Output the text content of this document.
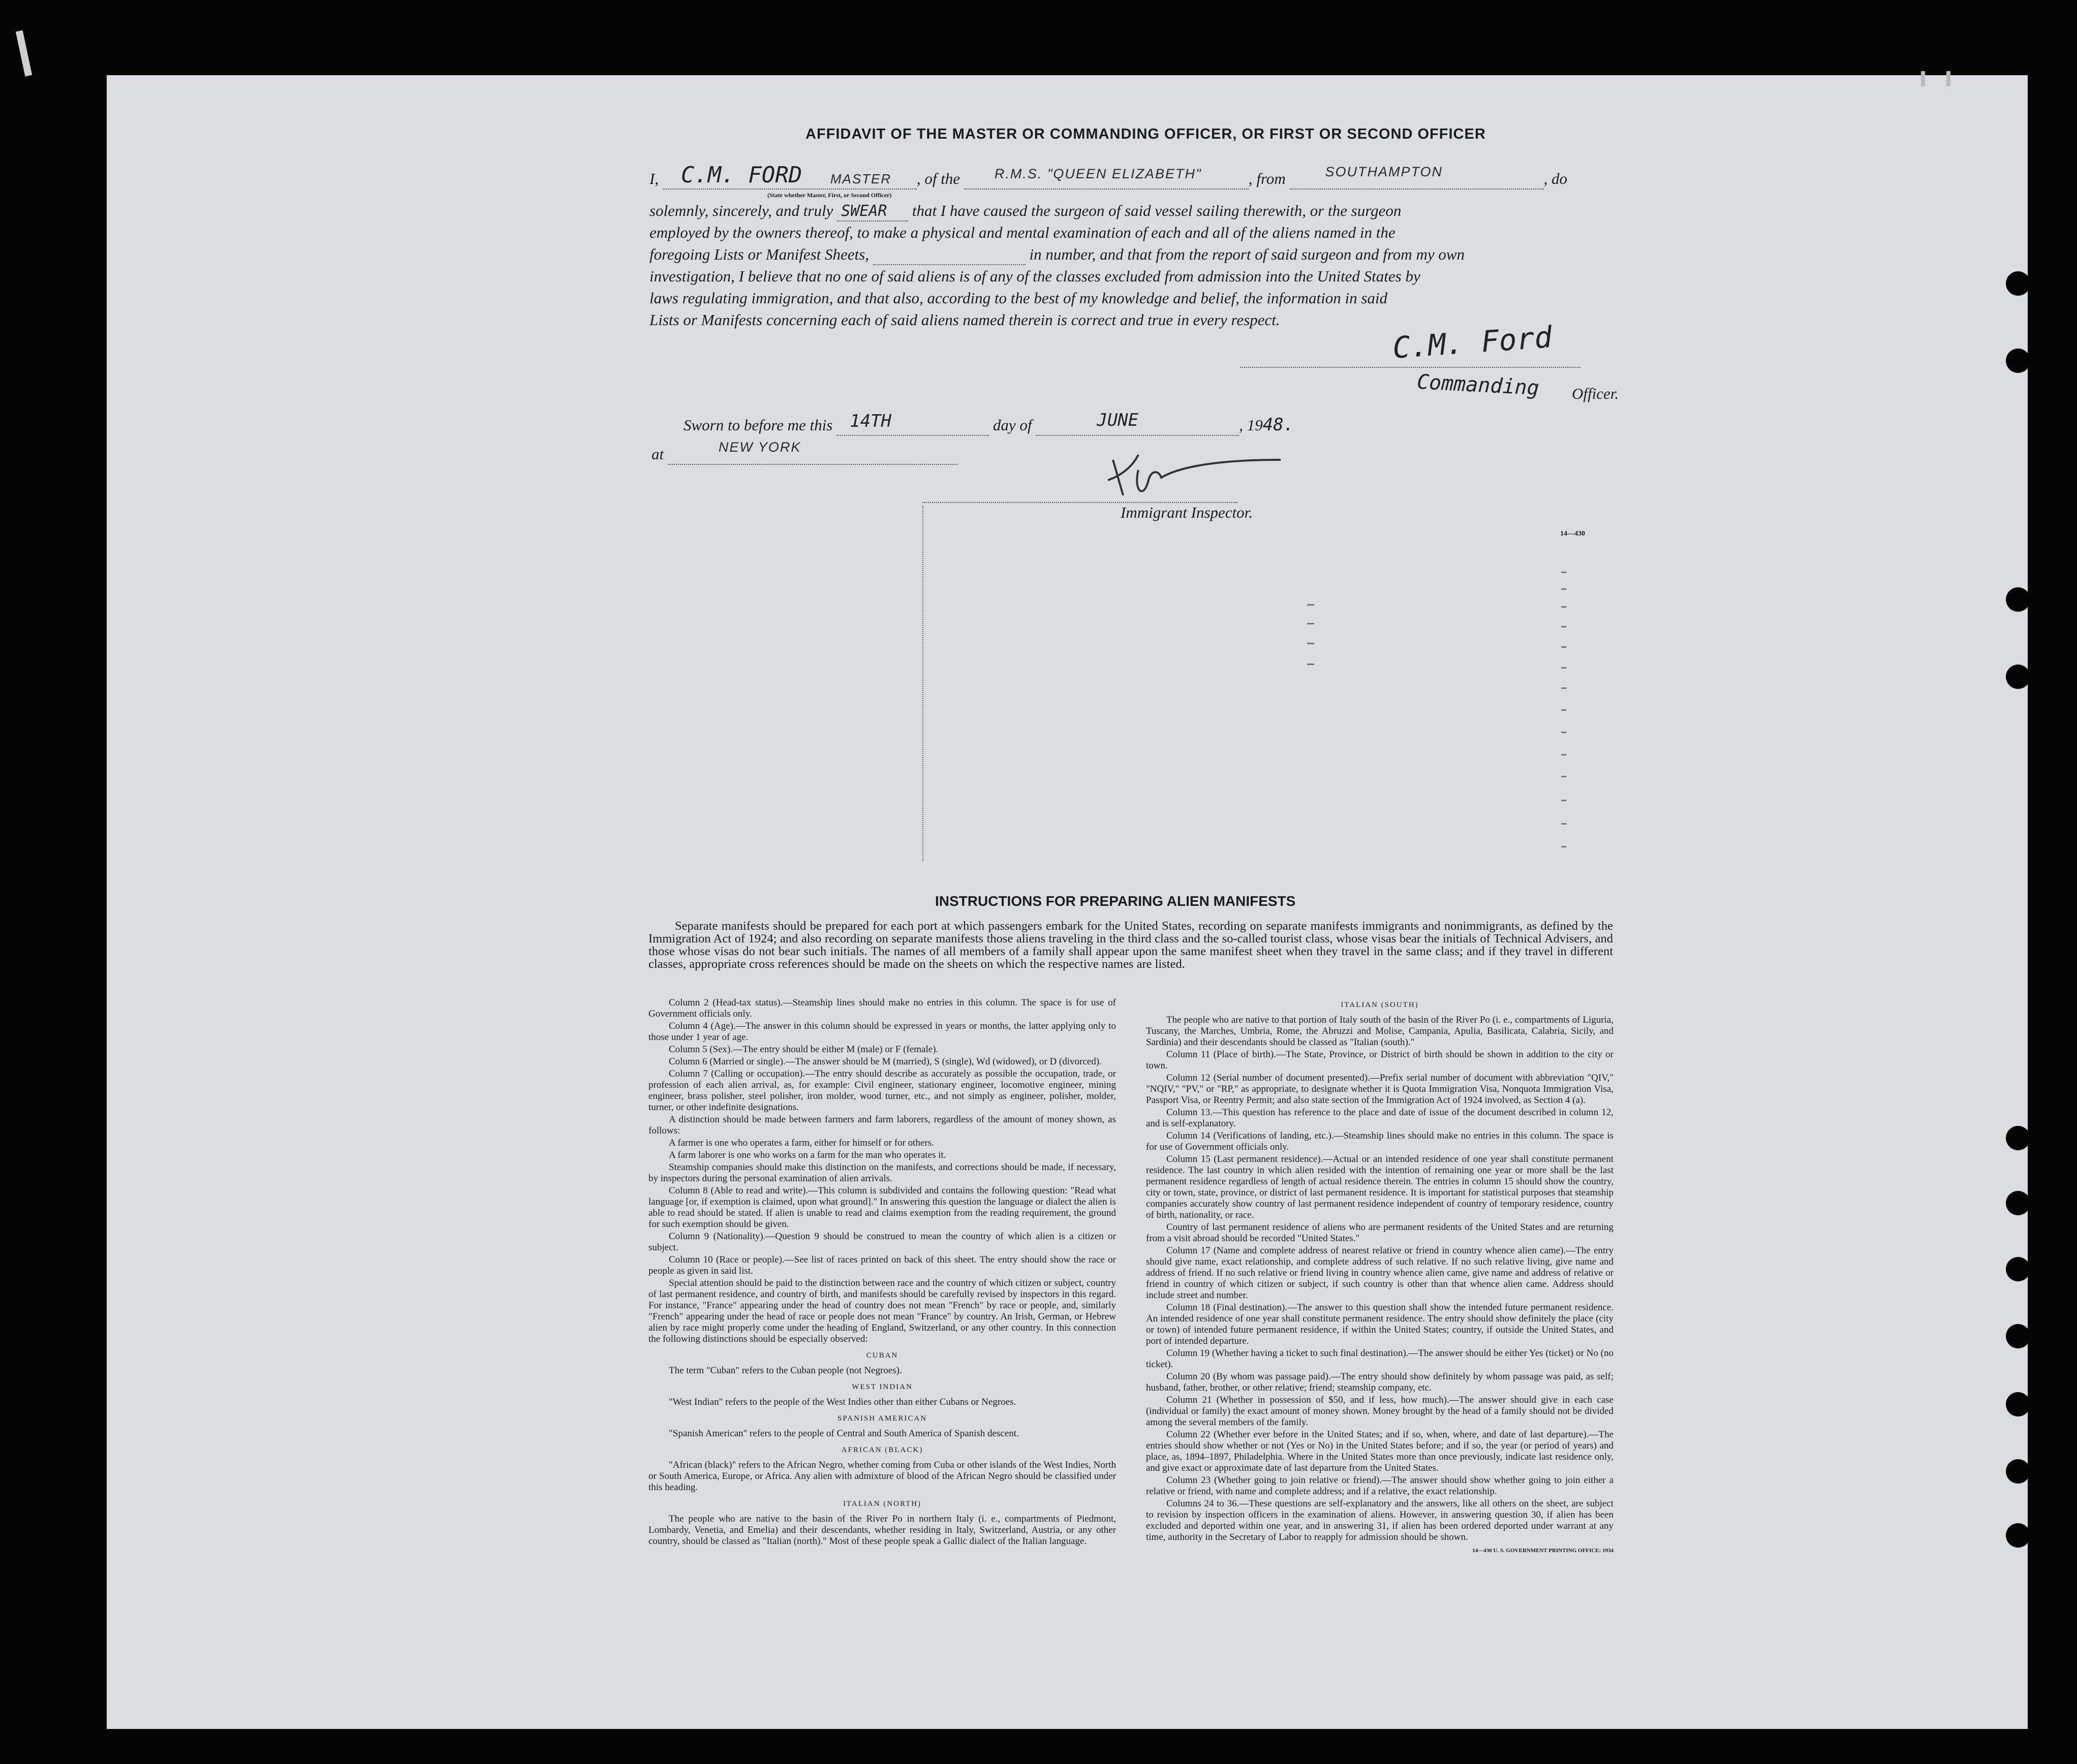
AFFIDAVIT OF THE MASTER OR COMMANDING OFFICER, OR FIRST OR SECOND OFFICER
I, C.M. FORD MASTER , of the	R.M.S. "QUEEN ELIZABETH"	, from	SOUTHAMPTON	, do
(State whether Master, First, or Second Officer)
solemnly, sincerely, and truly SWEAR that I have caused the surgeon of said vessel sailing therewith, or the surgeon
employed by the owners thereof, to make a physical and mental examination of each and all of the aliens named in the
foregoing Lists or Manifest Sheets,	in number, and that from the report of said surgeon and from my own
investigation, I believe that no one of said aliens is of any of the classes excluded from admission into the United States by
laws regulating immigration, and that also, according to the best of my knowledge and belief, the information in said
Lists or Manifests concerning each of said aliens named therein is correct and true in every respect.	C.M. Ford
Commanding Officer.
Sworn to before me this 14TH	day of	JUNE	, 1948.
at	NEW YORK
Immigrant Inspector.
14—430
INSTRUCTIONS FOR PREPARING ALIEN MANIFESTS
Separate manifests should be prepared for each port at which passengers embark for the United States, recording on separate manifests immigrants and nonimmigrants, as defined by the Immigration Act of 1924; and also recording on separate manifests those aliens traveling in the third class and the so-called tourist class, whose visas bear the initials of Technical Advisers, and those whose visas do not bear such initials. The names of all members of a family shall appear upon the same manifest sheet when they travel in the same class; and if they travel in different classes, appropriate cross references should be made on the sheets on which the respective names are listed.

Column 2 (Head-tax status).—Steamship lines should make no entries in this column. The space is for use of Government officials only.

Column 4 (Age).—The answer in this column should be expressed in years or months, the latter applying only to those under 1 year of age.

Column 5 (Sex).—The entry should be either M (male) or F (female).

Column 6 (Married or single).—The answer should be M (married), S (single), Wd (widowed), or D (divorced).

Column 7 (Calling or occupation).—The entry should describe as accurately as possible the occupation, trade, or profession of each alien arrival, as, for example: Civil engineer, stationary engineer, locomotive engineer, mining engineer, brass polisher, steel polisher, iron molder, wood turner, etc., and not simply as engineer, polisher, molder, turner, or other indefinite designations.

A distinction should be made between farmers and farm laborers, regardless of the amount of money shown, as follows:

A farmer is one who operates a farm, either for himself or for others.

A farm laborer is one who works on a farm for the man who operates it.

Steamship companies should make this distinction on the manifests, and corrections should be made, if necessary, by inspectors during the personal examination of alien arrivals.

Column 8 (Able to read and write).—This column is subdivided and contains the following question: "Read what language [or, if exemption is claimed, upon what ground]." In answering this question the language or dialect the alien is able to read should be stated. If alien is unable to read and claims exemption from the reading requirement, the ground for such exemption should be given.

Column 9 (Nationality).—Question 9 should be construed to mean the country of which alien is a citizen or subject.

Column 10 (Race or people).—See list of races printed on back of this sheet. The entry should show the race or people as given in said list.

Special attention should be paid to the distinction between race and the country of which citizen or subject, country of last permanent residence, and country of birth, and manifests should be carefully revised by inspectors in this regard. For instance, "France" appearing under the head of country does not mean "French" by race or people, and, similarly "French" appearing under the head of race or people does not mean "France" by country. An Irish, German, or Hebrew alien by race might properly come under the heading of England, Switzerland, or any other country. In this connection the following distinctions should be especially observed:

CUBAN

The term "Cuban" refers to the Cuban people (not Negroes).

WEST INDIAN

"West Indian" refers to the people of the West Indies other than either Cubans or Negroes.

SPANISH AMERICAN

"Spanish American" refers to the people of Central and South America of Spanish descent.

AFRICAN (BLACK)

"African (black)" refers to the African Negro, whether coming from Cuba or other islands of the West Indies, North or South America, Europe, or Africa. Any alien with admixture of blood of the African Negro should be classified under this heading.

ITALIAN (NORTH)

The people who are native to the basin of the River Po in northern Italy (i. e., compartments of Piedmont, Lombardy, Venetia, and Emelia) and their descendants, whether residing in Italy, Switzerland, Austria, or any other country, should be classed as "Italian (north)." Most of these people speak a Gallic dialect of the Italian language.

ITALIAN (SOUTH)

The people who are native to that portion of Italy south of the basin of the River Po (i. e., compartments of Liguria, Tuscany, the Marches, Umbria, Rome, the Abruzzi and Molise, Campania, Apulia, Basilicata, Calabria, Sicily, and Sardinia) and their descendants should be classed as "Italian (south)."

Column 11 (Place of birth).—The State, Province, or District of birth should be shown in addition to the city or town.

Column 12 (Serial number of document presented).—Prefix serial number of document with abbreviation "QIV," "NQIV," "PV," or "RP," as appropriate, to designate whether it is Quota Immigration Visa, Nonquota Immigration Visa, Passport Visa, or Reentry Permit; and also state section of the Immigration Act of 1924 involved, as Section 4 (a).

Column 13.—This question has reference to the place and date of issue of the document described in column 12, and is self-explanatory.

Column 14 (Verifications of landing, etc.).—Steamship lines should make no entries in this column. The space is for use of Government officials only.

Column 15 (Last permanent residence).—Actual or an intended residence of one year shall constitute permanent residence. The last country in which alien resided with the intention of remaining one year or more shall be the last permanent residence regardless of length of actual residence therein. The entries in column 15 should show the country, city or town, state, province, or district of last permanent residence. It is important for statistical purposes that steamship companies accurately show country of last permanent residence independent of country of temporary residence, country of birth, nationality, or race.

Country of last permanent residence of aliens who are permanent residents of the United States and are returning from a visit abroad should be recorded "United States."

Column 17 (Name and complete address of nearest relative or friend in country whence alien came).—The entry should give name, exact relationship, and complete address of such relative. If no such relative living, give name and address of friend. If no such relative or friend living in country whence alien came, give name and address of relative or friend in country of which citizen or subject, if such country is other than that whence alien came. Address should include street and number.

Column 18 (Final destination).—The answer to this question shall show the intended future permanent residence. An intended residence of one year shall constitute permanent residence. The entry should show definitely the place (city or town) of intended future permanent residence, if within the United States; country, if outside the United States, and port of intended departure.

Column 19 (Whether having a ticket to such final destination).—The answer should be either Yes (ticket) or No (no ticket).

Column 20 (By whom was passage paid).—The entry should show definitely by whom passage was paid, as self; husband, father, brother, or other relative; friend; steamship company, etc.

Column 21 (Whether in possession of $50, and if less, how much).—The answer should give in each case (individual or family) the exact amount of money shown. Money brought by the head of a family should not be divided among the several members of the family.

Column 22 (Whether ever before in the United States; and if so, when, where, and date of last departure).—The entries should show whether or not (Yes or No) in the United States before; and if so, the year (or period of years) and place, as, 1894–1897, Philadelphia. Where in the United States more than once previously, indicate last residence only, and give exact or approximate date of last departure from the United States.

Column 23 (Whether going to join relative or friend).—The answer should show whether going to join either a relative or friend, with name and complete address; and if a relative, the exact relationship.

Columns 24 to 36.—These questions are self-explanatory and the answers, like all others on the sheet, are subject to revision by inspection officers in the examination of aliens. However, in answering question 30, if alien has been excluded and deported within one year, and in answering 31, if alien has been ordered deported under warrant at any time, authority in the Secretary of Labor to reapply for admission should be shown.

14—430 U. S. GOVERNMENT PRINTING OFFICE: 1934
